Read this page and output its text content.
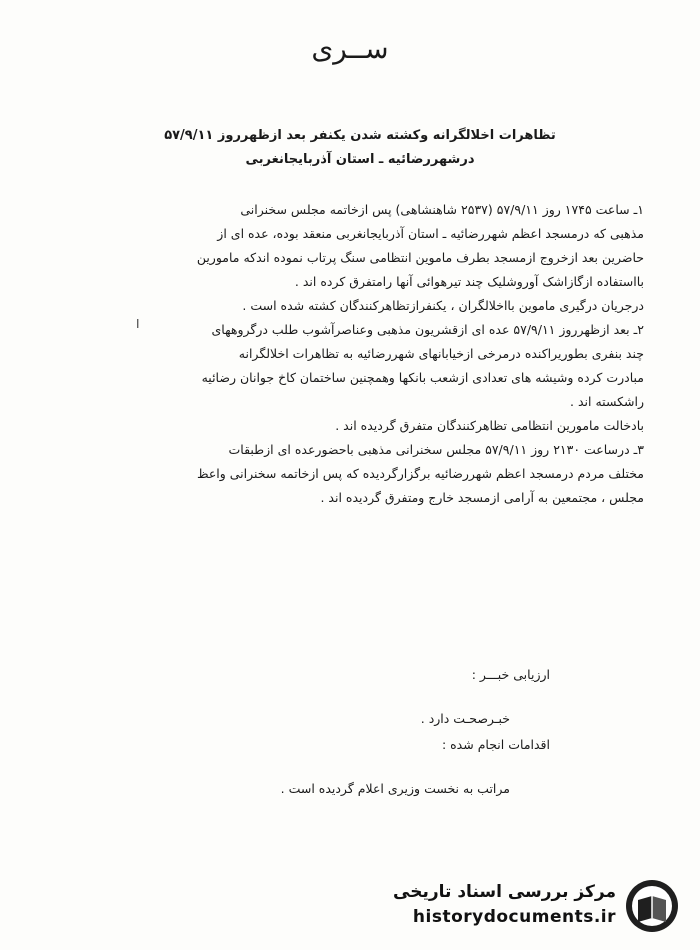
ســری
تظاهرات اخلالگرانه وکشته شدن یکنفر بعد ازظهرروز ۵۷/۹/۱۱
درشهررضائیه ـ استان آذربایجانغربی
۱ـ ساعت ۱۷۴۵ روز ۵۷/۹/۱۱ (۲۵۳۷ شاهنشاهی) پس ازخاتمه مجلس سخنرانی
مذهبی که درمسجد اعظم شهررضائیه ـ استان آذربایجانغربی منعقد بوده، عده ای از
حاضرین بعد ازخروج ازمسجد بطرف ماموین انتظامی سنگ پرتاب نموده اندکه مامورین
بااستفاده ازگازاشک آوروشلیک چند تیرهوائی آنها رامتفرق کرده اند .
درجریان درگیری ماموین بااخلالگران ، یکنفرازتظاهرکنندگان کشته شده است .
۲ـ بعد ازظهرروز ۵۷/۹/۱۱ عده ای ازقشریون مذهبی وعناصرآشوب طلب درگروههای
چند بنفری بطوریراکنده درمرخی ازخیابانهای شهررضائیه به تظاهرات اخلالگرانه
مبادرت کرده وشیشه های تعدادی ازشعب بانکها وهمچنین ساختمان کاخ جوانان رضائیه
راشکسته اند .
بادخالت مامورین انتظامی تظاهرکنندگان متفرق گردیده اند .
۳ـ درساعت ۲۱۳۰ روز ۵۷/۹/۱۱ مجلس سخنرانی مذهبی باحضورعده ای ازطبقات
مختلف مردم درمسجد اعظم شهررضائیه برگزارگردیده که پس ازخاتمه سخنرانی واعظ
مجلس ، مجتمعین به آرامی ازمسجد خارج ومتفرق گردیده اند .
ارزیابی خبـــر :
خبـرصحـت دارد .
اقدامات انجام شده :
مراتب به نخست وزیری اعلام گردیده است .
׀
مرکز بررسی اسناد تاریخی
historydocuments.ir
